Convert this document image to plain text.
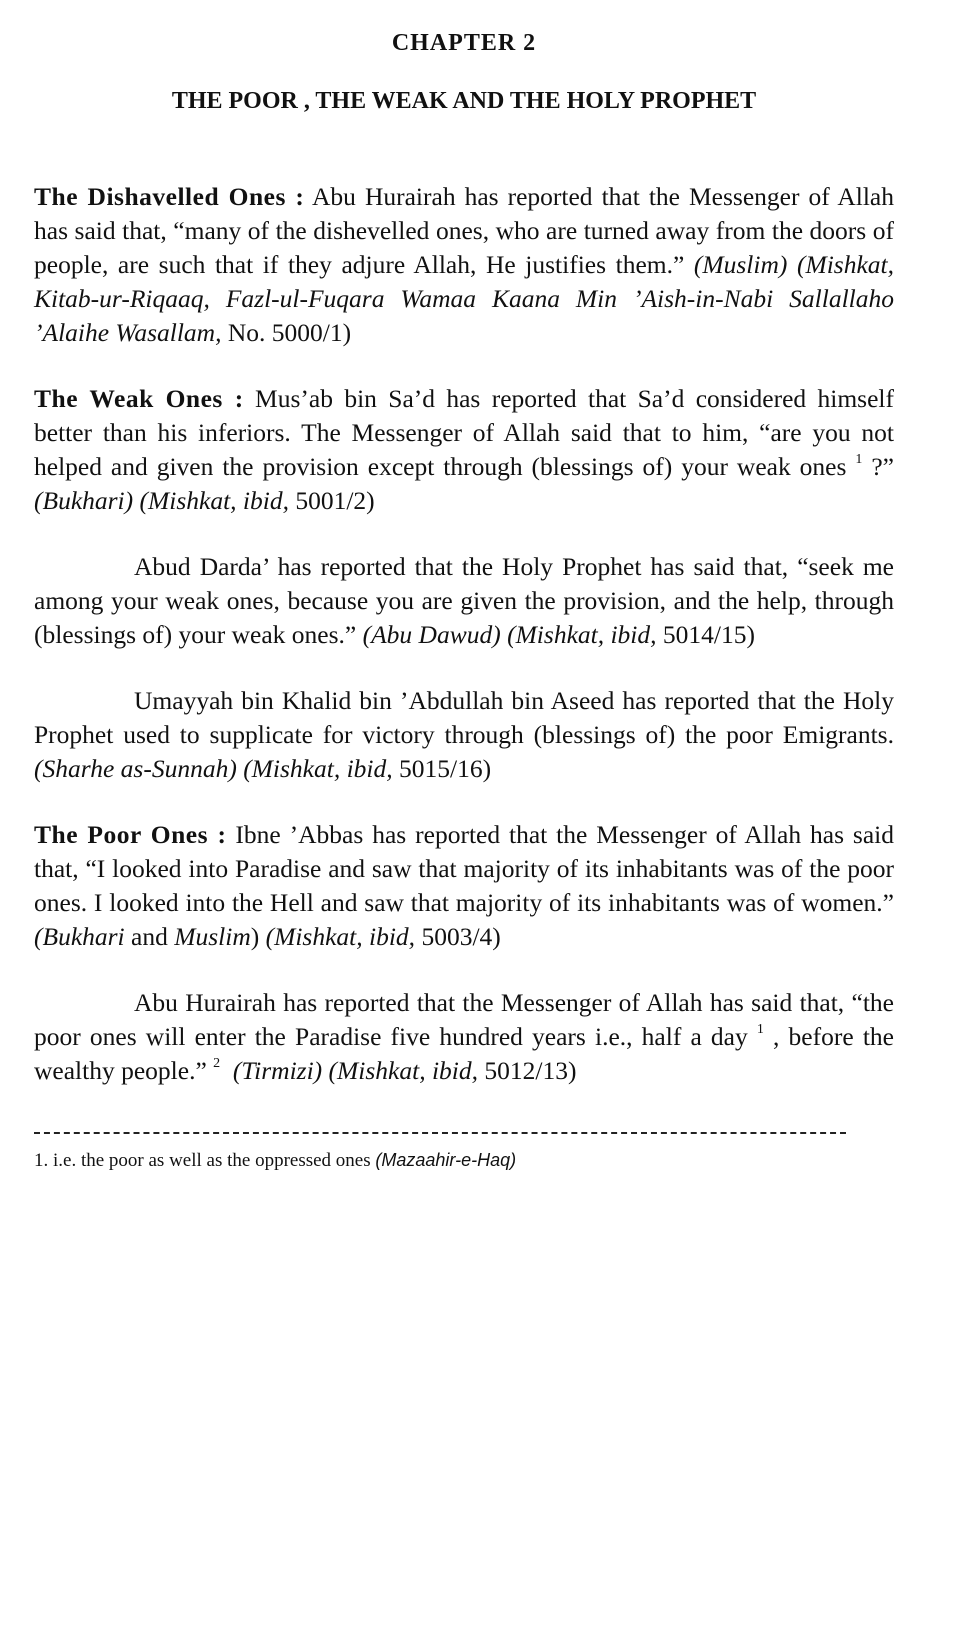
CHAPTER 2
THE POOR , THE WEAK AND THE HOLY PROPHET

The Dishavelled Ones : Abu Hurairah has reported that the Messenger of Allah has said that, “many of the dishevelled ones, who are turned away from the doors of people, are such that if they adjure Allah, He justifies them.” (Muslim) (Mishkat, Kitab-ur-Riqaaq, Fazl-ul-Fuqara Wamaa Kaana Min ’Aish-in-Nabi Sallallaho ’Alaihe Wasallam, No. 5000/1)

The Weak Ones : Mus’ab bin Sa’d has reported that Sa’d considered himself better than his inferiors. The Messenger of Allah said that to him, “are you not helped and given the provision except through (blessings of) your weak ones $^1$ ?” (Bukhari) (Mishkat, ibid, 5001/2)

Abud Darda’ has reported that the Holy Prophet has said that, “seek me among your weak ones, because you are given the provision, and the help, through (blessings of) your weak ones.” (Abu Dawud) (Mishkat, ibid, 5014/15)

Umayyah bin Khalid bin ’Abdullah bin Aseed has reported that the Holy Prophet used to supplicate for victory through (blessings of) the poor Emigrants. (Sharhe as-Sunnah) (Mishkat, ibid, 5015/16)

The Poor Ones : Ibne ’Abbas has reported that the Messenger of Allah has said that, “I looked into Paradise and saw that majority of its inhabitants was of the poor ones. I looked into the Hell and saw that majority of its inhabitants was of women.” (Bukhari and Muslim) (Mishkat, ibid, 5003/4)

Abu Hurairah has reported that the Messenger of Allah has said that, “the poor ones will enter the Paradise five hundred years i.e., half a day $^1$ , before the wealthy people.” $^2$ (Tirmizi) (Mishkat, ibid, 5012/13)

1. i.e. the poor as well as the oppressed ones (Mazaahir-e-Haq)
